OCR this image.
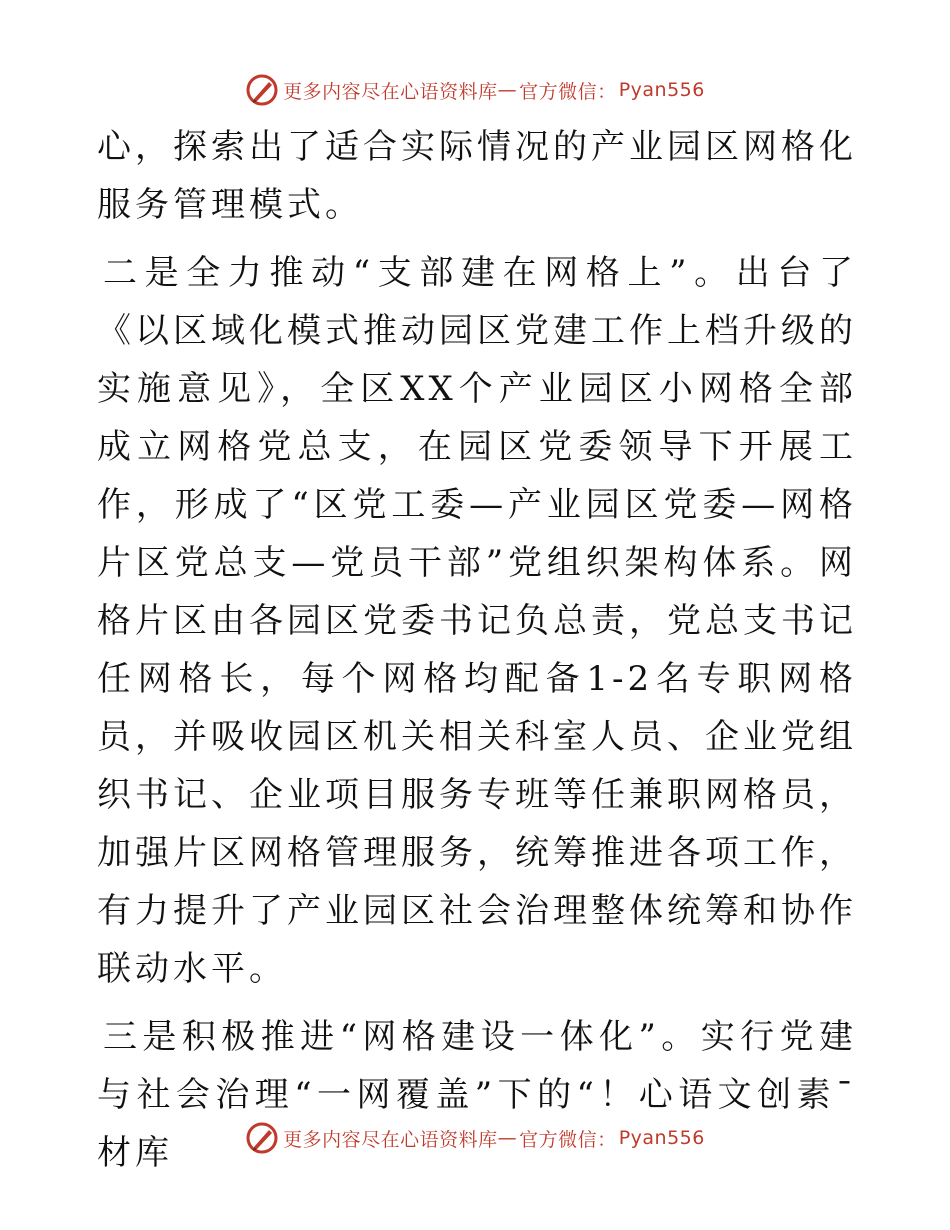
更多内容尽在心语资料库 — 官方微信： Pyan556

心，探索出了适合实际情况的产业园区网格化服务管理模式。

二是全力推动“支部建在网格上”。出台了《以区域化模式推动园区党建工作上档升级的实施意见》，全区XX个产业园区小网格全部成立网格党总支，在园区党委领导下开展工作，形成了“区党工委—产业园区党委—网格片区党总支—党员干部”党组织架构体系。网格片区由各园区党委书记负总责，党总支书记任网格长，每个网格均配备1-2名专职网格员，并吸收园区机关相关科室人员、企业党组织书记、企业项目服务专班等任兼职网格员，加强片区网格管理服务，统筹推进各项工作，有力提升了产业园区社会治理整体统筹和协作联动水平。

三是积极推进“网格建设一体化”。实行党建与社会治理“一网覆盖”下的“！心语文创素¯材库	更多内容尽在心语资料库 — 官方微信： Pyan556
